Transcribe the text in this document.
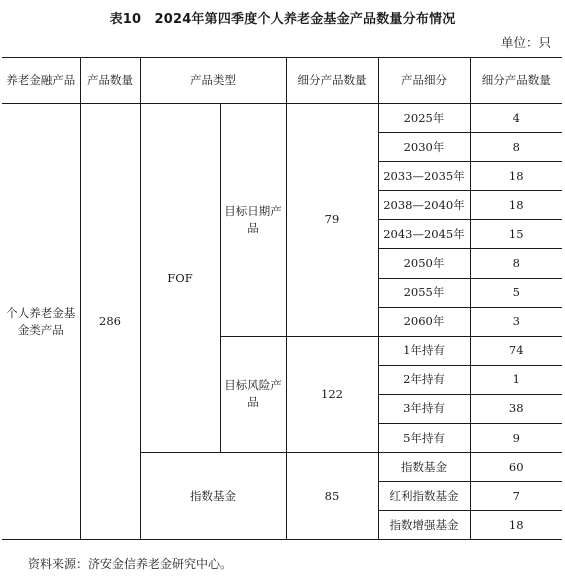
表10　2024年第四季度个人养老金基金产品数量分布情况
单位：只
养老金融产品	产品数量	产品类型		细分产品数量	产品细分	细分产品数量
个人养老金基金类产品	286	FOF	目标日期产品	79	2025年	4
					2030年	8
					2033—2035年	18
					2038—2040年	18
					2043—2045年	15
					2050年	8
					2055年	5
					2060年	3
			目标风险产品	122	1年持有	74
					2年持有	1
					3年持有	38
					5年持有	9
		指数基金		85	指数基金	60
					红利指数基金	7
					指数增强基金	18
资料来源：济安金信养老金研究中心。
